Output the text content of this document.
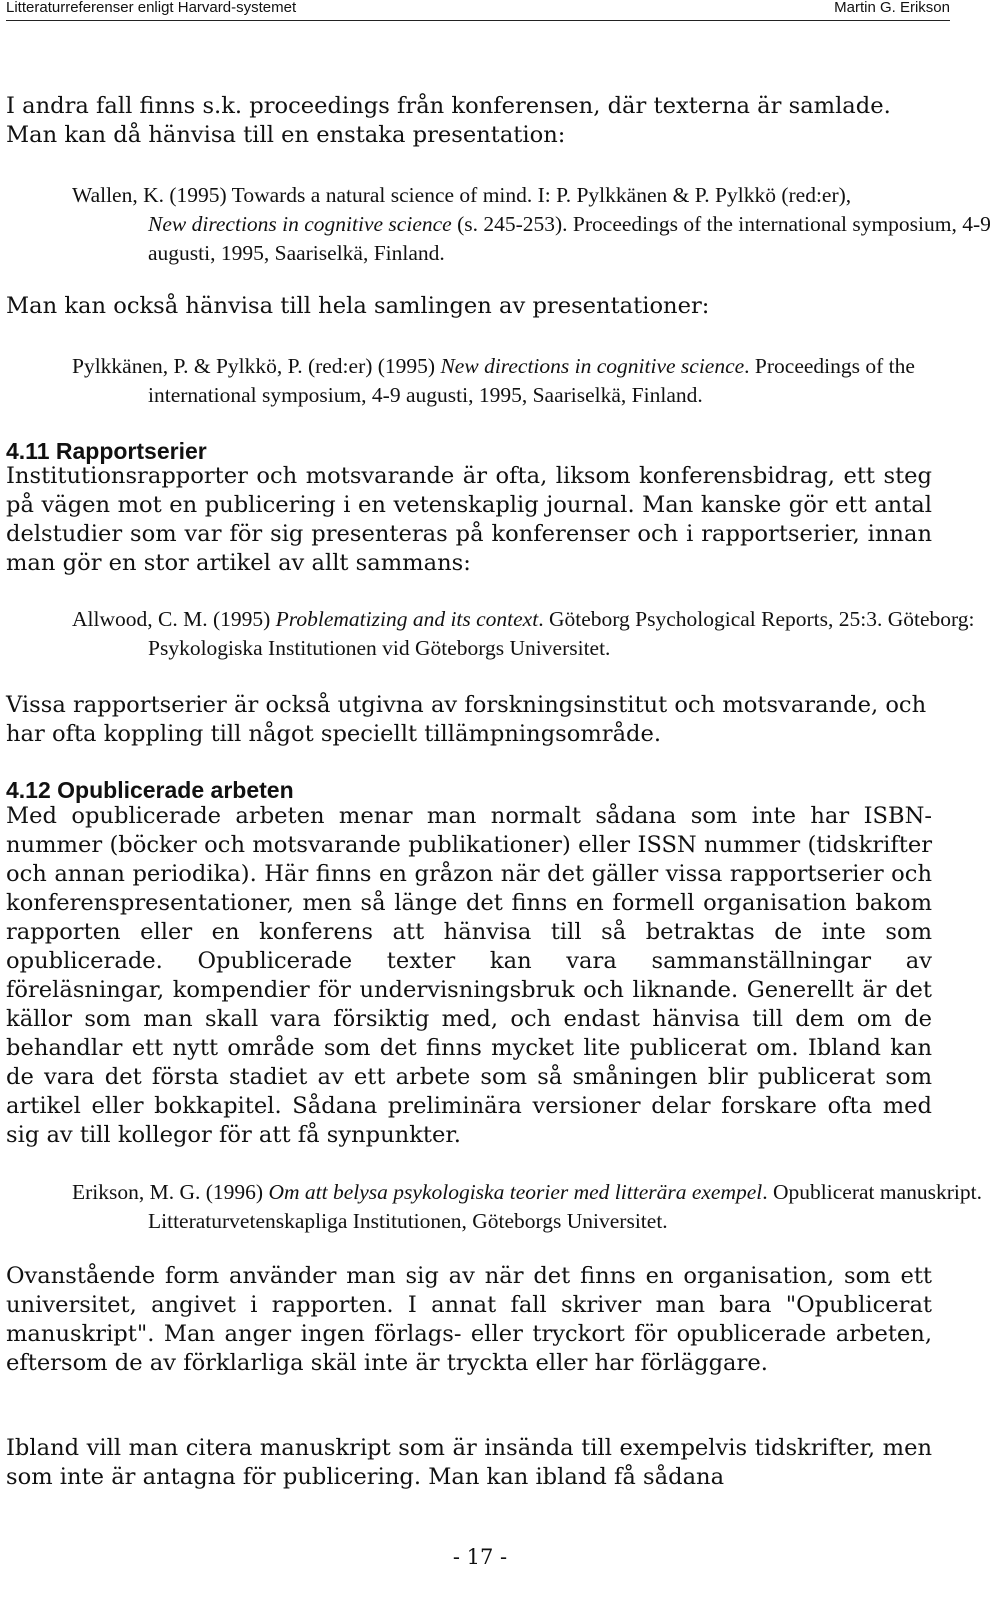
Litteraturreferenser enligt Harvard-systemet	Martin G. Erikson
I andra fall finns s.k. proceedings från konferensen, där texterna är samlade.
Man kan då hänvisa till en enstaka presentation:

Wallen, K. (1995) Towards a natural science of mind. I: P. Pylkkänen & P. Pylkkö (red:er),
New directions in cognitive science (s. 245-253). Proceedings of the international symposium, 4-9 augusti, 1995, Saariselkä, Finland.

Man kan också hänvisa till hela samlingen av presentationer:

Pylkkänen, P. & Pylkkö, P. (red:er) (1995) New directions in cognitive science. Proceedings of the international symposium, 4-9 augusti, 1995, Saariselkä, Finland.

4.11 Rapportserier

Institutionsrapporter och motsvarande är ofta, liksom konferensbidrag, ett steg på vägen mot en publicering i en vetenskaplig journal. Man kanske gör ett antal delstudier som var för sig presenteras på konferenser och i rapportserier, innan man gör en stor artikel av allt sammans:

Allwood, C. M. (1995) Problematizing and its context. Göteborg Psychological Reports, 25:3. Göteborg: Psykologiska Institutionen vid Göteborgs Universitet.

Vissa rapportserier är också utgivna av forskningsinstitut och motsvarande, och har ofta koppling till något speciellt tillämpningsområde.

4.12 Opublicerade arbeten

Med opublicerade arbeten menar man normalt sådana som inte har ISBN-nummer (böcker och motsvarande publikationer) eller ISSN nummer (tidskrifter och annan periodika). Här finns en gråzon när det gäller vissa rapportserier och konferenspresentationer, men så länge det finns en formell organisation bakom rapporten eller en konferens att hänvisa till så betraktas de inte som opublicerade. Opublicerade texter kan vara sammanställningar av föreläsningar, kompendier för undervisningsbruk och liknande. Generellt är det källor som man skall vara försiktig med, och endast hänvisa till dem om de behandlar ett nytt område som det finns mycket lite publicerat om. Ibland kan de vara det första stadiet av ett arbete som så småningen blir publicerat som artikel eller bokkapitel. Sådana preliminära versioner delar forskare ofta med sig av till kollegor för att få synpunkter.

Erikson, M. G. (1996) Om att belysa psykologiska teorier med litterära exempel. Opublicerat manuskript. Litteraturvetenskapliga Institutionen, Göteborgs Universitet.

Ovanstående form använder man sig av när det finns en organisation, som ett universitet, angivet i rapporten. I annat fall skriver man bara "Opublicerat manuskript". Man anger ingen förlags- eller tryckort för opublicerade arbeten, eftersom de av förklarliga skäl inte är tryckta eller har förläggare.

Ibland vill man citera manuskript som är insända till exempelvis tidskrifter, men som inte är antagna för publicering. Man kan ibland få sådana

- 17 -
